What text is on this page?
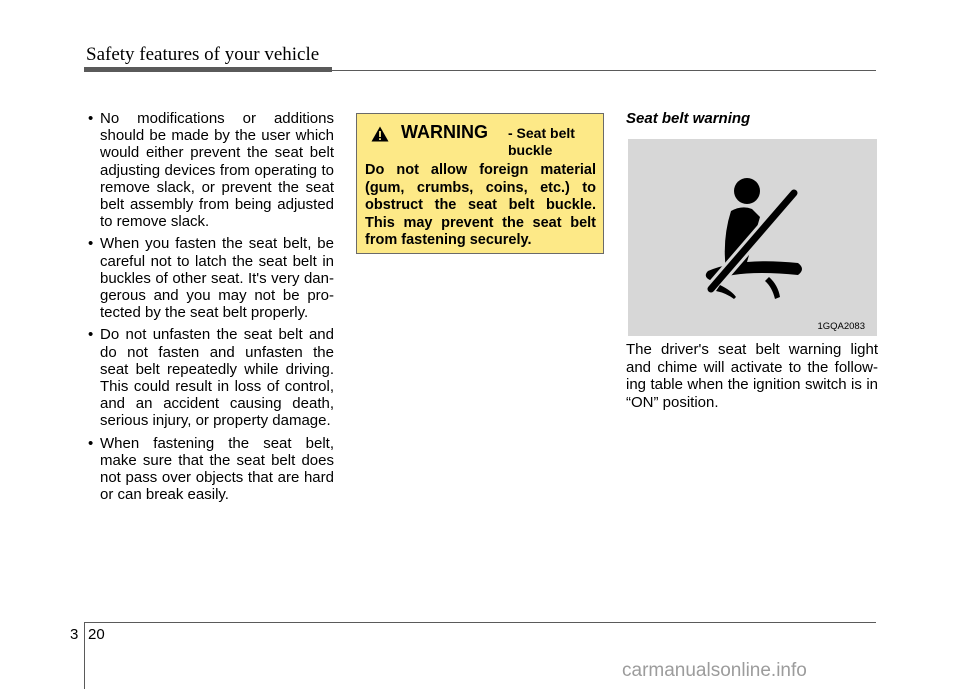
Safety features of your vehicle
• No modifications or additions should be made by the user which would either prevent the seat belt adjusting devices from operating to remove slack, or prevent the seat belt assembly from being adjusted to remove slack.
• When you fasten the seat belt, be careful not to latch the seat belt in buckles of other seat. It's very dan-gerous and you may not be pro-tected by the seat belt properly.
• Do not unfasten the seat belt and do not fasten and unfasten the seat belt repeatedly while driving. This could result in loss of control, and an accident causing death, serious injury, or property damage.
• When fastening the seat belt, make sure that the seat belt does not pass over objects that are hard or can break easily.
WARNING - Seat belt buckle
Do not allow foreign material (gum, crumbs, coins, etc.) to obstruct the seat belt buckle. This may prevent the seat belt from fastening securely.
Seat belt warning
1GQA2083
The driver's seat belt warning light and chime will activate to the follow-ing table when the ignition switch is in “ON” position.
3 20
carmanualsonline.info
